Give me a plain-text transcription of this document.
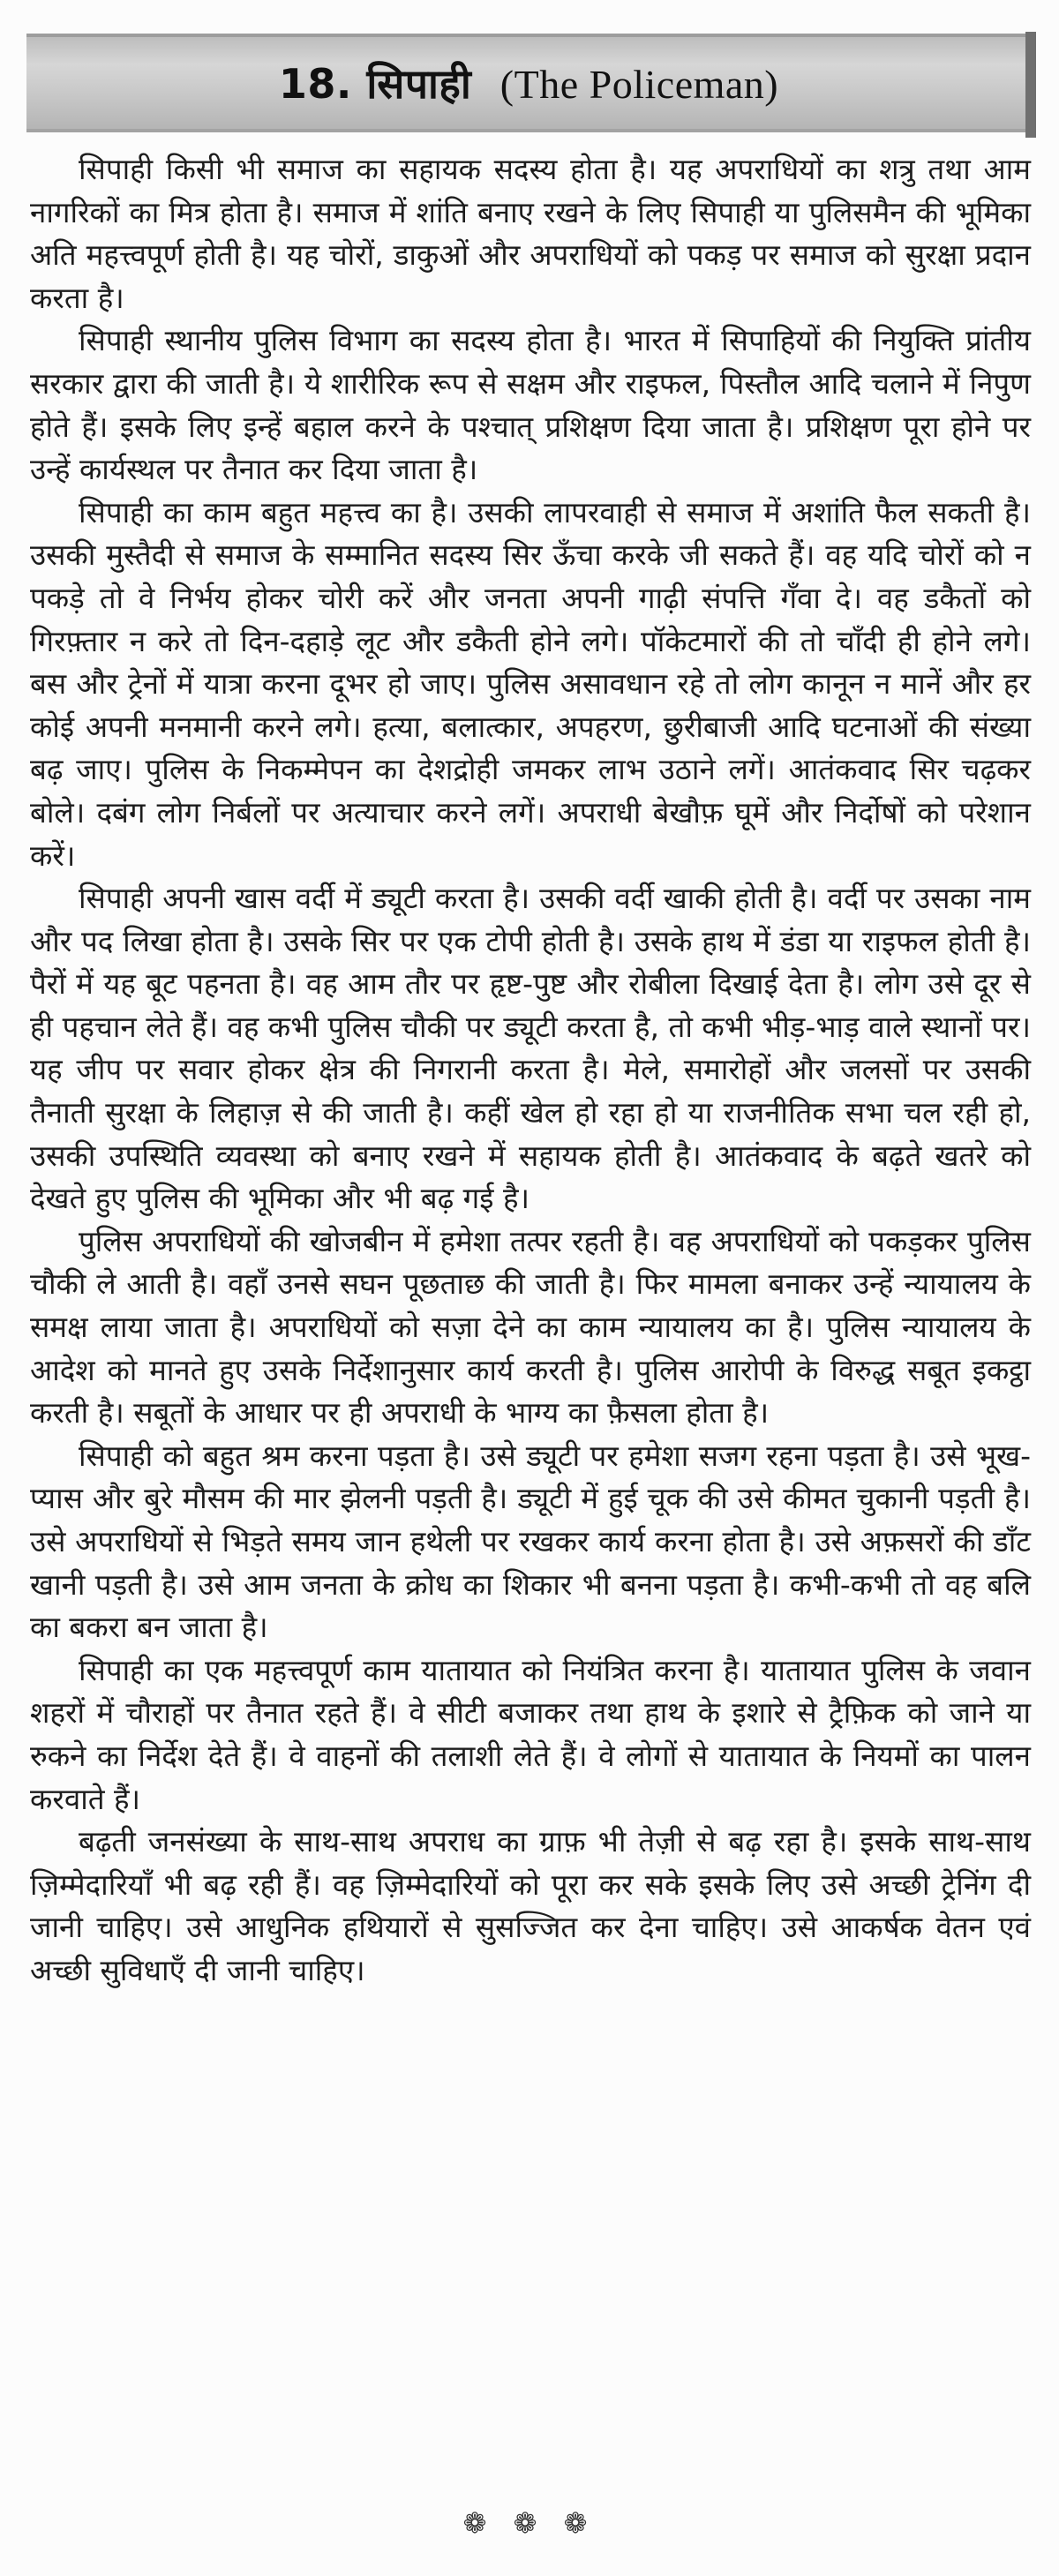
18. सिपाही (The Policeman)

सिपाही किसी भी समाज का सहायक सदस्य होता है। यह अपराधियों का शत्रु तथा आम नागरिकों का मित्र होता है। समाज में शांति बनाए रखने के लिए सिपाही या पुलिसमैन की भूमिका अति महत्त्वपूर्ण होती है। यह चोरों, डाकुओं और अपराधियों को पकड़ पर समाज को सुरक्षा प्रदान करता है।

सिपाही स्थानीय पुलिस विभाग का सदस्य होता है। भारत में सिपाहियों की नियुक्ति प्रांतीय सरकार द्वारा की जाती है। ये शारीरिक रूप से सक्षम और राइफल, पिस्तौल आदि चलाने में निपुण होते हैं। इसके लिए इन्हें बहाल करने के पश्चात् प्रशिक्षण दिया जाता है। प्रशिक्षण पूरा होने पर उन्हें कार्यस्थल पर तैनात कर दिया जाता है।

सिपाही का काम बहुत महत्त्व का है। उसकी लापरवाही से समाज में अशांति फैल सकती है। उसकी मुस्तैदी से समाज के सम्मानित सदस्य सिर ऊँचा करके जी सकते हैं। वह यदि चोरों को न पकड़े तो वे निर्भय होकर चोरी करें और जनता अपनी गाढ़ी संपत्ति गँवा दे। वह डकैतों को गिरफ़्तार न करे तो दिन-दहाड़े लूट और डकैती होने लगे। पॉकेटमारों की तो चाँदी ही होने लगे। बस और ट्रेनों में यात्रा करना दूभर हो जाए। पुलिस असावधान रहे तो लोग कानून न मानें और हर कोई अपनी मनमानी करने लगे। हत्या, बलात्कार, अपहरण, छुरीबाजी आदि घटनाओं की संख्या बढ़ जाए। पुलिस के निकम्मेपन का देशद्रोही जमकर लाभ उठाने लगें। आतंकवाद सिर चढ़कर बोले। दबंग लोग निर्बलों पर अत्याचार करने लगें। अपराधी बेखौफ़ घूमें और निर्दोषों को परेशान करें।

सिपाही अपनी खास वर्दी में ड्यूटी करता है। उसकी वर्दी खाकी होती है। वर्दी पर उसका नाम और पद लिखा होता है। उसके सिर पर एक टोपी होती है। उसके हाथ में डंडा या राइफल होती है। पैरों में यह बूट पहनता है। वह आम तौर पर हृष्ट-पुष्ट और रोबीला दिखाई देता है। लोग उसे दूर से ही पहचान लेते हैं। वह कभी पुलिस चौकी पर ड्यूटी करता है, तो कभी भीड़-भाड़ वाले स्थानों पर। यह जीप पर सवार होकर क्षेत्र की निगरानी करता है। मेले, समारोहों और जलसों पर उसकी तैनाती सुरक्षा के लिहाज़ से की जाती है। कहीं खेल हो रहा हो या राजनीतिक सभा चल रही हो, उसकी उपस्थिति व्यवस्था को बनाए रखने में सहायक होती है। आतंकवाद के बढ़ते खतरे को देखते हुए पुलिस की भूमिका और भी बढ़ गई है।

पुलिस अपराधियों की खोजबीन में हमेशा तत्पर रहती है। वह अपराधियों को पकड़कर पुलिस चौकी ले आती है। वहाँ उनसे सघन पूछताछ की जाती है। फिर मामला बनाकर उन्हें न्यायालय के समक्ष लाया जाता है। अपराधियों को सज़ा देने का काम न्यायालय का है। पुलिस न्यायालय के आदेश को मानते हुए उसके निर्देशानुसार कार्य करती है। पुलिस आरोपी के विरुद्ध सबूत इकट्ठा करती है। सबूतों के आधार पर ही अपराधी के भाग्य का फ़ैसला होता है।

सिपाही को बहुत श्रम करना पड़ता है। उसे ड्यूटी पर हमेशा सजग रहना पड़ता है। उसे भूख-प्यास और बुरे मौसम की मार झेलनी पड़ती है। ड्यूटी में हुई चूक की उसे कीमत चुकानी पड़ती है। उसे अपराधियों से भिड़ते समय जान हथेली पर रखकर कार्य करना होता है। उसे अफ़सरों की डाँट खानी पड़ती है। उसे आम जनता के क्रोध का शिकार भी बनना पड़ता है। कभी-कभी तो वह बलि का बकरा बन जाता है।

सिपाही का एक महत्त्वपूर्ण काम यातायात को नियंत्रित करना है। यातायात पुलिस के जवान शहरों में चौराहों पर तैनात रहते हैं। वे सीटी बजाकर तथा हाथ के इशारे से ट्रैफ़िक को जाने या रुकने का निर्देश देते हैं। वे वाहनों की तलाशी लेते हैं। वे लोगों से यातायात के नियमों का पालन करवाते हैं।

बढ़ती जनसंख्या के साथ-साथ अपराध का ग्राफ़ भी तेज़ी से बढ़ रहा है। इसके साथ-साथ ज़िम्मेदारियाँ भी बढ़ रही हैं। वह ज़िम्मेदारियों को पूरा कर सके इसके लिए उसे अच्छी ट्रेनिंग दी जानी चाहिए। उसे आधुनिक हथियारों से सुसज्जित कर देना चाहिए। उसे आकर्षक वेतन एवं अच्छी सुविधाएँ दी जानी चाहिए।

❁ ❁ ❁
